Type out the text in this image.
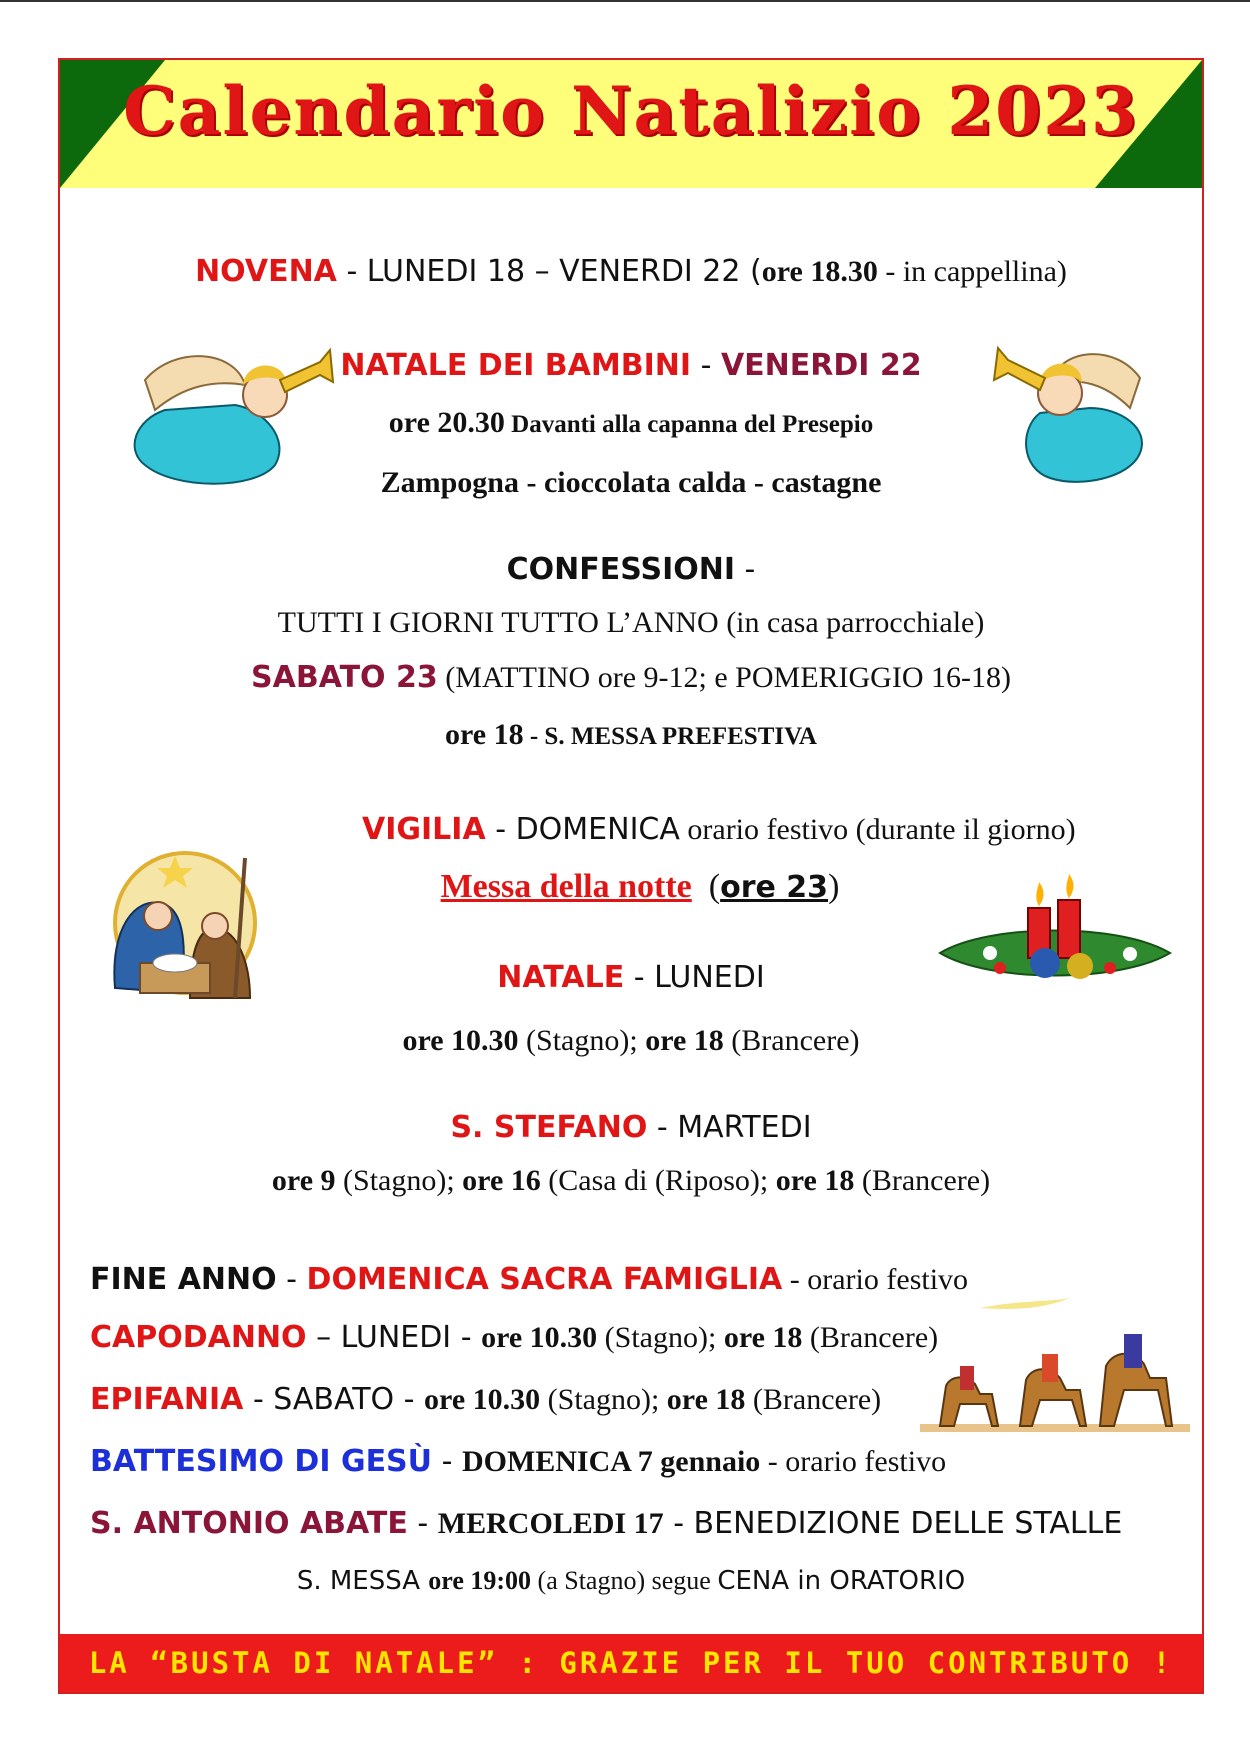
Calendario Natalizio 2023
NOVENA - LUNEDI 18 – VENERDI 22 (ore 18.30 - in cappellina)
NATALE DEI BAMBINI - VENERDI 22
ore 20.30 Davanti alla capanna del Presepio
Zampogna - cioccolata calda - castagne
CONFESSIONI -
TUTTI I GIORNI TUTTO L’ANNO (in casa parrocchiale)
SABATO 23 (MATTINO ore 9-12; e POMERIGGIO 16-18)
ore 18 - S. MESSA PREFESTIVA
VIGILIA - DOMENICA orario festivo (durante il giorno)
Messa della notte  (ore 23)
NATALE - LUNEDI
ore 10.30 (Stagno); ore 18 (Brancere)
S. STEFANO - MARTEDI
ore 9 (Stagno); ore 16 (Casa di (Riposo); ore 18 (Brancere)
FINE ANNO - DOMENICA SACRA FAMIGLIA - orario festivo
CAPODANNO – LUNEDI - ore 10.30 (Stagno); ore 18 (Brancere)
EPIFANIA - SABATO - ore 10.30 (Stagno); ore 18 (Brancere)
BATTESIMO DI GESÙ - DOMENICA 7 gennaio - orario festivo
S. ANTONIO ABATE - MERCOLEDI 17 - BENEDIZIONE DELLE STALLE
S. MESSA ore 19:00 (a Stagno) segue CENA in ORATORIO
LA “BUSTA DI NATALE” : GRAZIE PER IL TUO CONTRIBUTO !
